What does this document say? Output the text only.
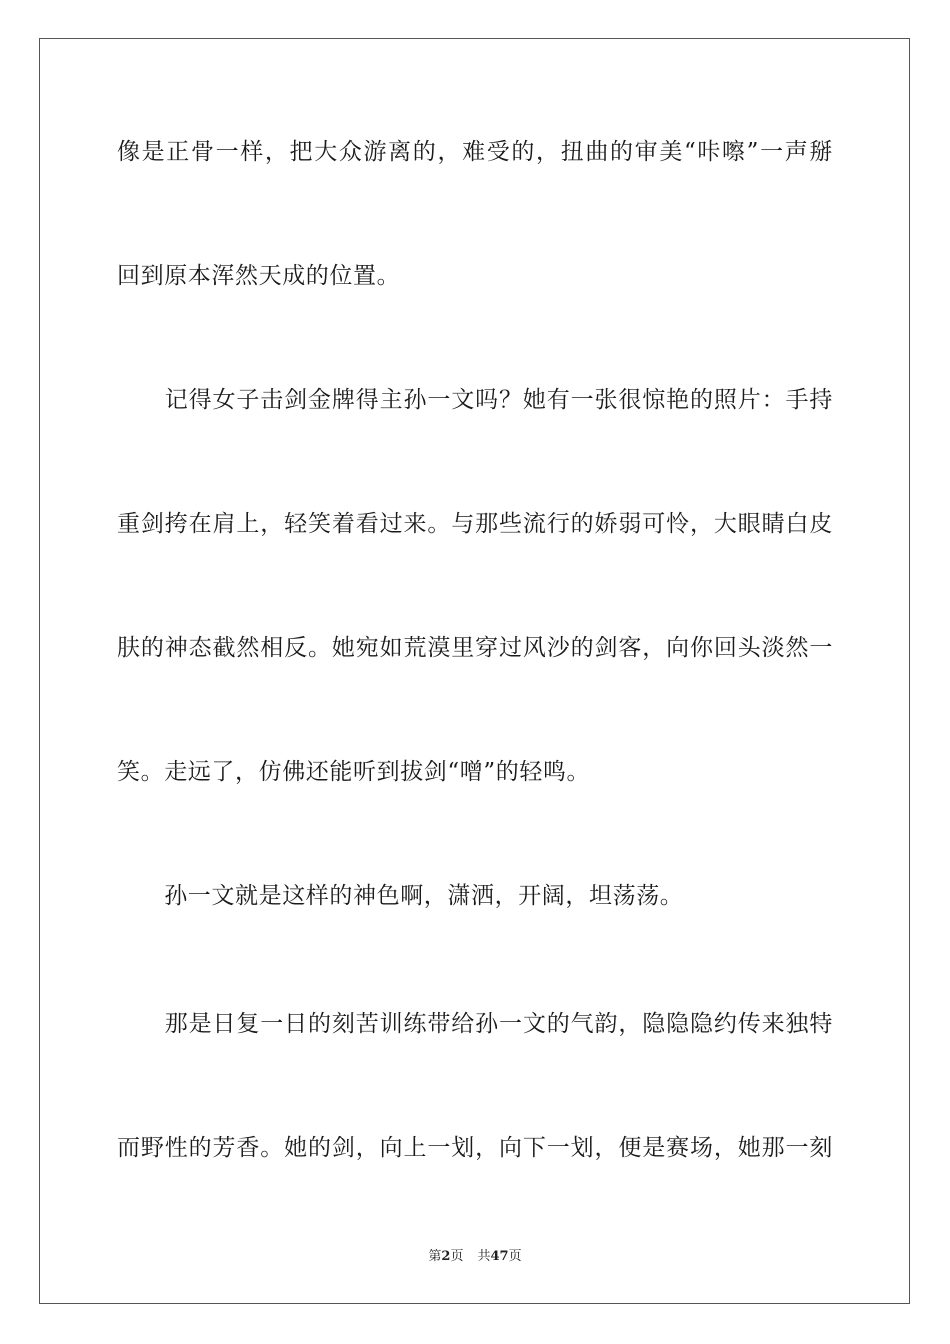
像是正骨一样，把大众游离的，难受的，扭曲的审美“咔嚓”一声掰
回到原本浑然天成的位置。
　　记得女子击剑金牌得主孙一文吗？她有一张很惊艳的照片：手持
重剑挎在肩上，轻笑着看过来。与那些流行的娇弱可怜，大眼睛白皮
肤的神态截然相反。她宛如荒漠里穿过风沙的剑客，向你回头淡然一
笑。走远了，仿佛还能听到拔剑“噌”的轻鸣。
　　孙一文就是这样的神色啊，潇洒，开阔，坦荡荡。
　　那是日复一日的刻苦训练带给孙一文的气韵，隐隐隐约传来独特
而野性的芳香。她的剑，向上一划，向下一划，便是赛场，她那一刻
第2页 共47页
